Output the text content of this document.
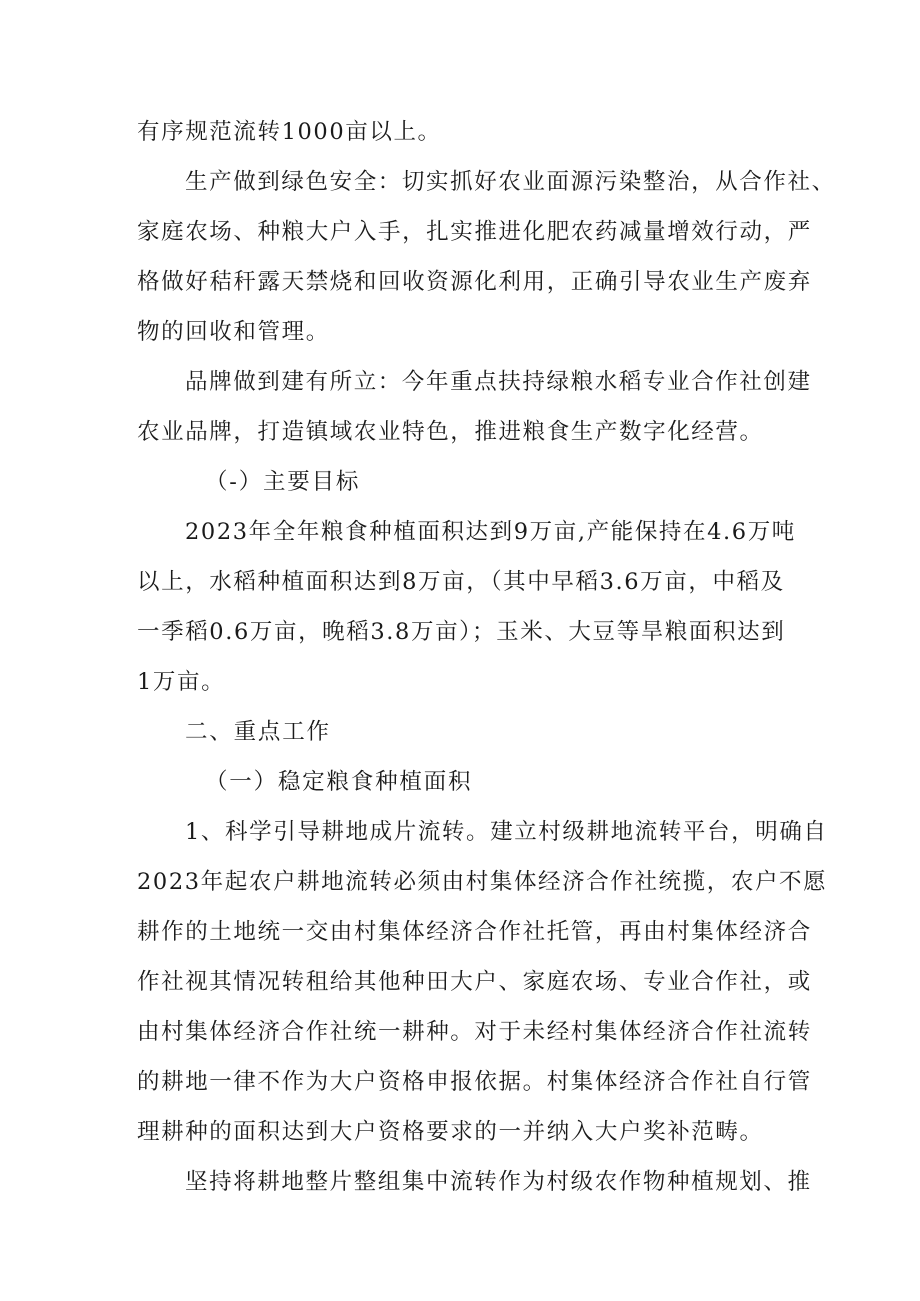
有序规范流转1000亩以上。
生产做到绿色安全：切实抓好农业面源污染整治，从合作社、
家庭农场、种粮大户入手，扎实推进化肥农药减量增效行动，严
格做好秸秆露天禁烧和回收资源化利用，正确引导农业生产废弃
物的回收和管理。
品牌做到建有所立：今年重点扶持绿粮水稻专业合作社创建
农业品牌，打造镇域农业特色，推进粮食生产数字化经营。
（-）主要目标
2023年全年粮食种植面积达到9万亩,产能保持在4.6万吨
以上，水稻种植面积达到8万亩，（其中早稻3.6万亩，中稻及
一季稻0.6万亩，晚稻3.8万亩）；玉米、大豆等旱粮面积达到
1万亩。
二、重点工作
（一）稳定粮食种植面积
1、科学引导耕地成片流转。建立村级耕地流转平台，明确自
2023年起农户耕地流转必须由村集体经济合作社统揽，农户不愿
耕作的土地统一交由村集体经济合作社托管，再由村集体经济合
作社视其情况转租给其他种田大户、家庭农场、专业合作社，或
由村集体经济合作社统一耕种。对于未经村集体经济合作社流转
的耕地一律不作为大户资格申报依据。村集体经济合作社自行管
理耕种的面积达到大户资格要求的一并纳入大户奖补范畴。
坚持将耕地整片整组集中流转作为村级农作物种植规划、推
